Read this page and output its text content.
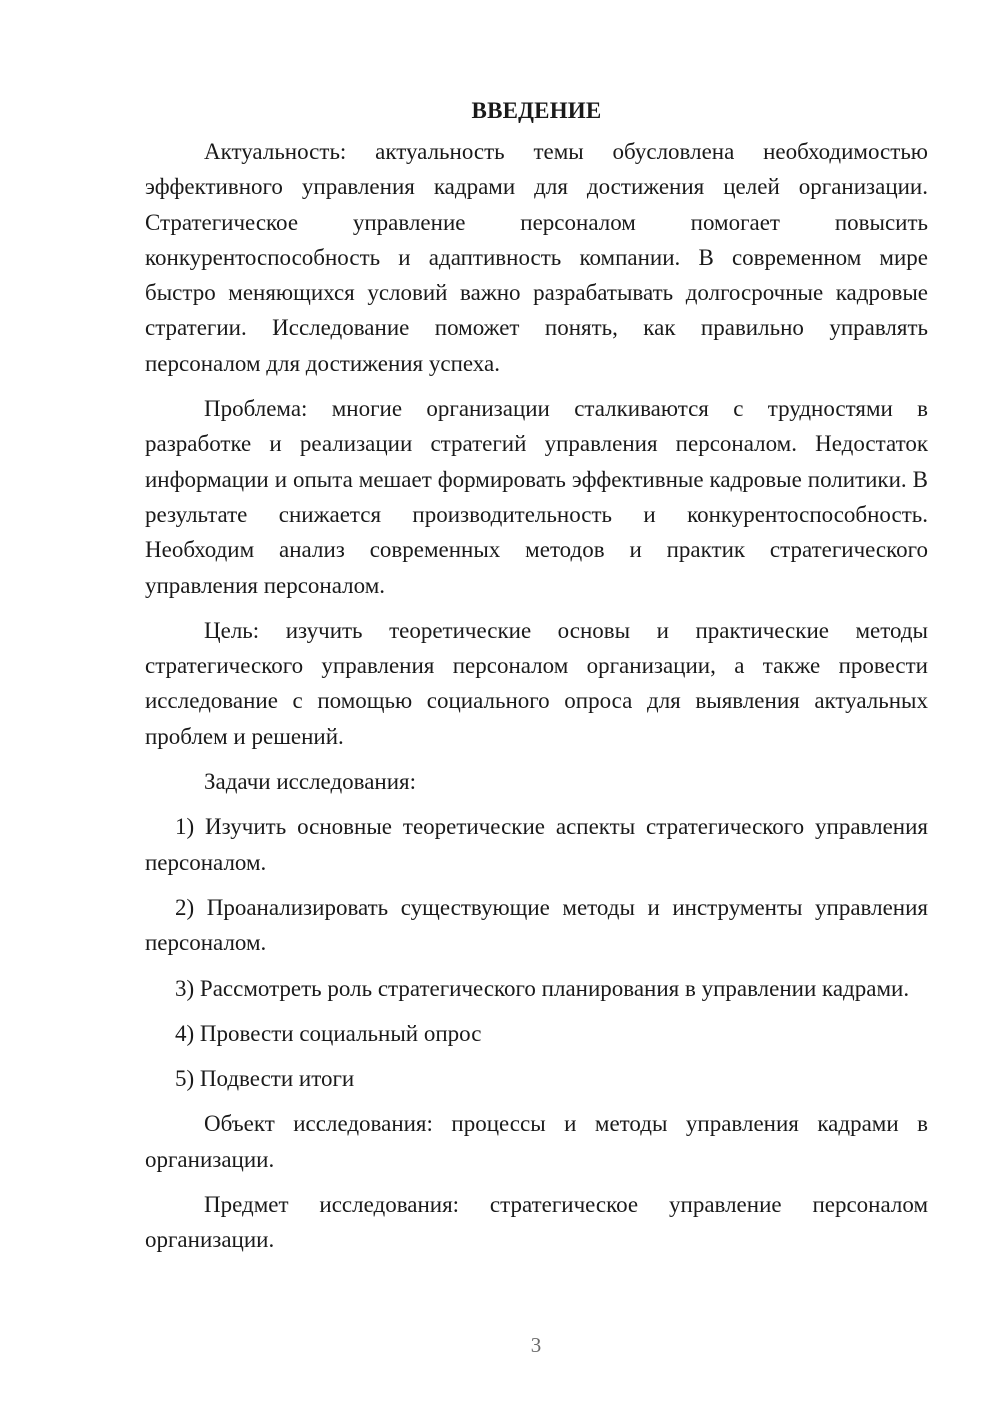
ВВЕДЕНИЕ

Актуальность: актуальность темы обусловлена необходимостью эффективного управления кадрами для достижения целей организации. Стратегическое управление персоналом помогает повысить конкурентоспособность и адаптивность компании. В современном мире быстро меняющихся условий важно разрабатывать долгосрочные кадровые стратегии. Исследование поможет понять, как правильно управлять персоналом для достижения успеха.

Проблема: многие организации сталкиваются с трудностями в разработке и реализации стратегий управления персоналом. Недостаток информации и опыта мешает формировать эффективные кадровые политики. В результате снижается производительность и конкурентоспособность. Необходим анализ современных методов и практик стратегического управления персоналом.

Цель: изучить теоретические основы и практические методы стратегического управления персоналом организации, а также провести исследование с помощью социального опроса для выявления актуальных проблем и решений.

Задачи исследования:

1) Изучить основные теоретические аспекты стратегического управления персоналом.

2) Проанализировать существующие методы и инструменты управления персоналом.

3) Рассмотреть роль стратегического планирования в управлении кадрами.

4) Провести социальный опрос

5) Подвести итоги

Объект исследования: процессы и методы управления кадрами в организации.

Предмет исследования: стратегическое управление персоналом организации.

3
